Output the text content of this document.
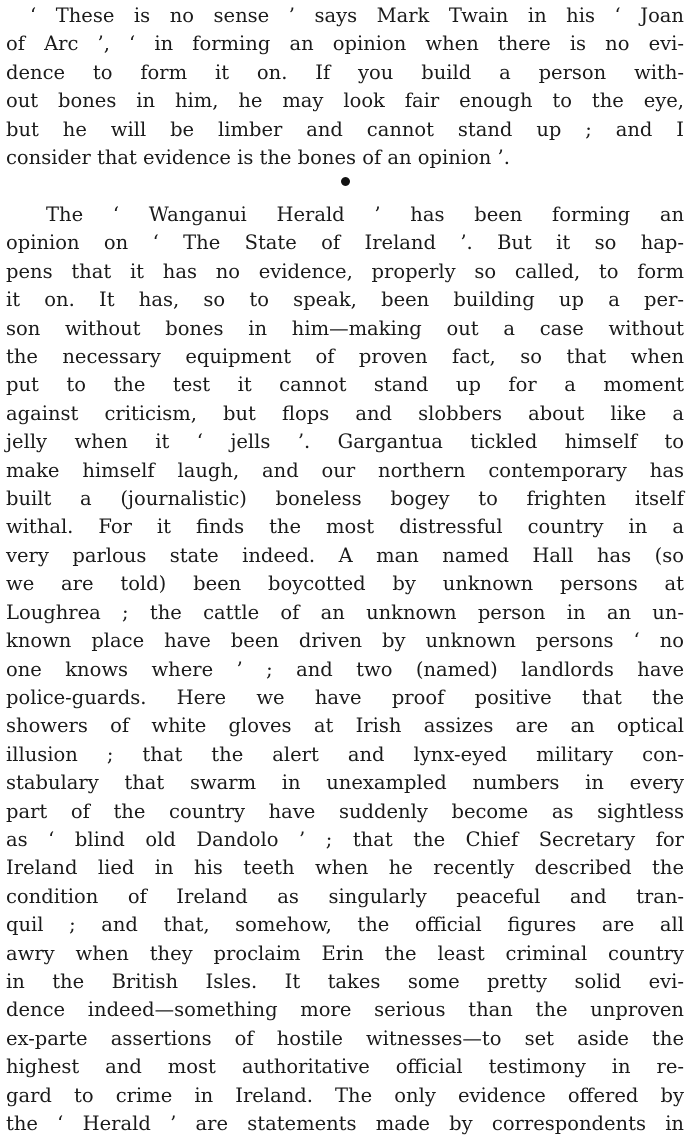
‘ These is no sense ’ says Mark Twain in his ‘ Joan
of Arc ’, ‘ in forming an opinion when there is no evi-
dence to form it on. If you build a person with-
out bones in him, he may look fair enough to the eye,
but he will be limber and cannot stand up ; and I
consider that evidence is the bones of an opinion ’.
The ‘ Wanganui Herald ’ has been forming an
opinion on ‘ The State of Ireland ’. But it so hap-
pens that it has no evidence, properly so called, to form
it on. It has, so to speak, been building up a per-
son without bones in him—making out a case without
the necessary equipment of proven fact, so that when
put to the test it cannot stand up for a moment
against criticism, but flops and slobbers about like a
jelly when it ‘ jells ’. Gargantua tickled himself to
make himself laugh, and our northern contemporary has
built a (journalistic) boneless bogey to frighten itself
withal. For it finds the most distressful country in a
very parlous state indeed. A man named Hall has (so
we are told) been boycotted by unknown persons at
Loughrea ; the cattle of an unknown person in an un-
known place have been driven by unknown persons ‘ no
one knows where ’ ; and two (named) landlords have
police-guards. Here we have proof positive that the
showers of white gloves at Irish assizes are an optical
illusion ; that the alert and lynx-eyed military con-
stabulary that swarm in unexampled numbers in every
part of the country have suddenly become as sightless
as ‘ blind old Dandolo ’ ; that the Chief Secretary for
Ireland lied in his teeth when he recently described the
condition of Ireland as singularly peaceful and tran-
quil ; and that, somehow, the official figures are all
awry when they proclaim Erin the least criminal country
in the British Isles. It takes some pretty solid evi-
dence indeed—something more serious than the unproven
ex-parte assertions of hostile witnesses—to set aside the
highest and most authoritative official testimony in re-
gard to crime in Ireland. The only evidence offered by
the ‘ Herald ’ are statements made by correspondents in
